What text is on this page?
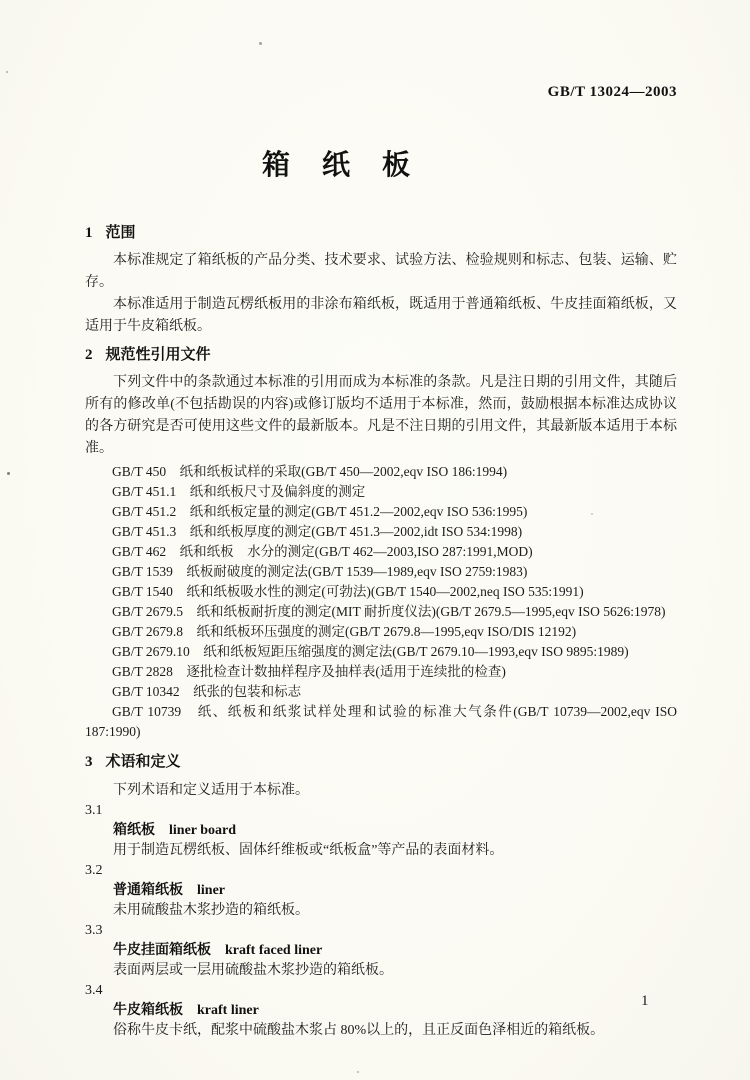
GB/T 13024—2003
箱　纸　板
1 范围

本标准规定了箱纸板的产品分类、技术要求、试验方法、检验规则和标志、包装、运输、贮存。

本标准适用于制造瓦楞纸板用的非涂布箱纸板，既适用于普通箱纸板、牛皮挂面箱纸板，又适用于牛皮箱纸板。

2 规范性引用文件

下列文件中的条款通过本标准的引用而成为本标准的条款。凡是注日期的引用文件，其随后所有的修改单(不包括勘误的内容)或修订版均不适用于本标准，然而，鼓励根据本标准达成协议的各方研究是否可使用这些文件的最新版本。凡是不注日期的引用文件，其最新版本适用于本标准。

GB/T 450　纸和纸板试样的采取(GB/T 450—2002,eqv ISO 186:1994)

GB/T 451.1　纸和纸板尺寸及偏斜度的测定

GB/T 451.2　纸和纸板定量的测定(GB/T 451.2—2002,eqv ISO 536:1995)

GB/T 451.3　纸和纸板厚度的测定(GB/T 451.3—2002,idt ISO 534:1998)

GB/T 462　纸和纸板　水分的测定(GB/T 462—2003,ISO 287:1991,MOD)

GB/T 1539　纸板耐破度的测定法(GB/T 1539—1989,eqv ISO 2759:1983)

GB/T 1540　纸和纸板吸水性的测定(可勃法)(GB/T 1540—2002,neq ISO 535:1991)

GB/T 2679.5　纸和纸板耐折度的测定(MIT 耐折度仪法)(GB/T 2679.5—1995,eqv ISO 5626:1978)

GB/T 2679.8　纸和纸板环压强度的测定(GB/T 2679.8—1995,eqv ISO/DIS 12192)

GB/T 2679.10　纸和纸板短距压缩强度的测定法(GB/T 2679.10—1993,eqv ISO 9895:1989)

GB/T 2828　逐批检查计数抽样程序及抽样表(适用于连续批的检查)

GB/T 10342　纸张的包装和标志

GB/T 10739　纸、纸板和纸浆试样处理和试验的标准大气条件(GB/T 10739—2002,eqv ISO 187:1990)

3 术语和定义

下列术语和定义适用于本标准。

3.1
箱纸板 liner board

用于制造瓦楞纸板、固体纤维板或“纸板盒”等产品的表面材料。

3.2
普通箱纸板 liner

未用硫酸盐木浆抄造的箱纸板。

3.3
牛皮挂面箱纸板 kraft faced liner

表面两层或一层用硫酸盐木浆抄造的箱纸板。

3.4
牛皮箱纸板 kraft liner

俗称牛皮卡纸，配浆中硫酸盐木浆占 80%以上的，且正反面色泽相近的箱纸板。

1
